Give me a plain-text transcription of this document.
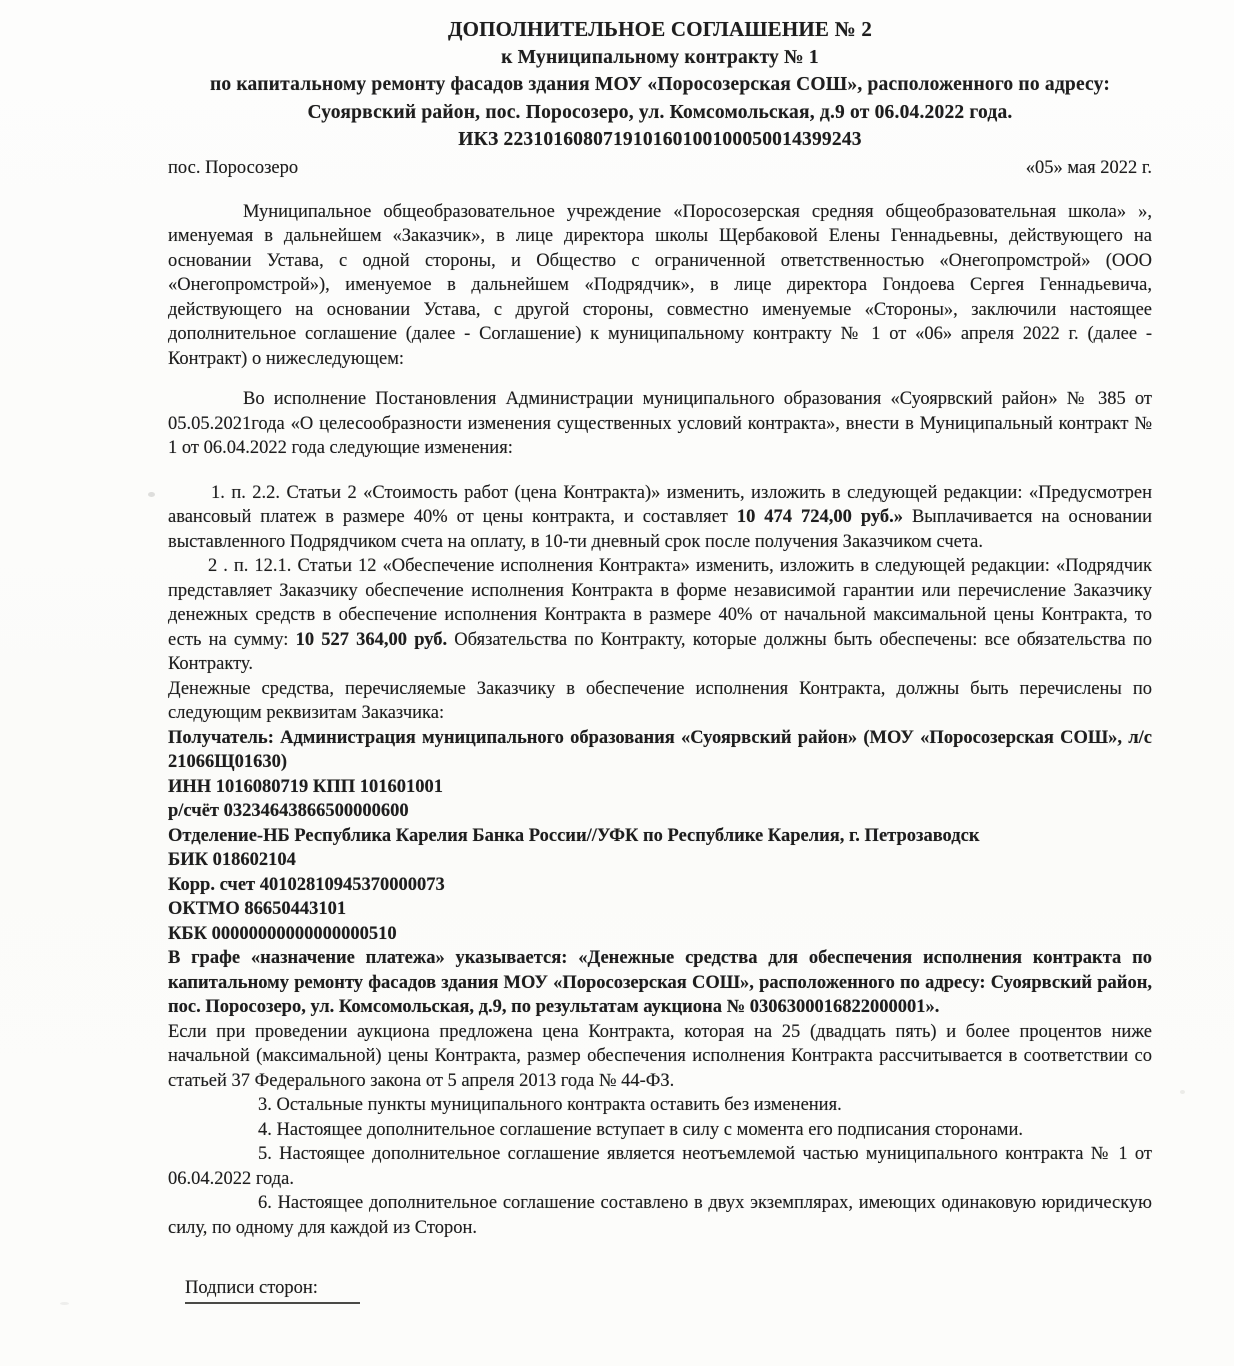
ДОПОЛНИТЕЛЬНОЕ СОГЛАШЕНИЕ № 2
к Муниципальному контракту № 1
по капитальному ремонту фасадов здания МОУ «Поросозерская СОШ», расположенного по адресу:
Суоярвский район, пос. Поросозеро, ул. Комсомольская, д.9 от 06.04.2022 года.
ИКЗ 223101608071910160100100050014399243
пос. Поросозеро	«05» мая 2022 г.

Муниципальное общеобразовательное учреждение «Поросозерская средняя общеобразовательная школа» », именуемая в дальнейшем «Заказчик», в лице директора школы Щербаковой Елены Геннадьевны, действующего на основании Устава, с одной стороны, и Общество с ограниченной ответственностью «Онегопромстрой» (ООО «Онегопромстрой»), именуемое в дальнейшем «Подрядчик», в лице директора Гондоева Сергея Геннадьевича, действующего на основании Устава, с другой стороны, совместно именуемые «Стороны», заключили настоящее дополнительное соглашение (далее - Соглашение) к муниципальному контракту № 1 от «06» апреля 2022 г. (далее - Контракт) о нижеследующем:

Во исполнение Постановления Администрации муниципального образования «Суоярвский район» № 385 от 05.05.2021года «О целесообразности изменения существенных условий контракта», внести в Муниципальный контракт № 1 от 06.04.2022 года следующие изменения:

1. п. 2.2. Статьи 2 «Стоимость работ (цена Контракта)» изменить, изложить в следующей редакции: «Предусмотрен авансовый платеж в размере 40% от цены контракта, и составляет 10 474 724,00 руб.» Выплачивается на основании выставленного Подрядчиком счета на оплату, в 10-ти дневный срок после получения Заказчиком счета.

2 . п. 12.1. Статьи 12 «Обеспечение исполнения Контракта» изменить, изложить в следующей редакции: «Подрядчик представляет Заказчику обеспечение исполнения Контракта в форме независимой гарантии или перечисление Заказчику денежных средств в обеспечение исполнения Контракта в размере 40% от начальной максимальной цены Контракта, то есть на сумму: 10 527 364,00 руб. Обязательства по Контракту, которые должны быть обеспечены: все обязательства по Контракту.

Денежные средства, перечисляемые Заказчику в обеспечение исполнения Контракта, должны быть перечислены по следующим реквизитам Заказчика:

Получатель: Администрация муниципального образования «Суоярвский район» (МОУ «Поросозерская СОШ», л/с 21066Щ01630)

ИНН 1016080719 КПП 101601001

р/счёт 03234643866500000600

Отделение-НБ Республика Карелия Банка России//УФК по Республике Карелия, г. Петрозаводск

БИК 018602104

Корр. счет 40102810945370000073

ОКТМО 86650443101

КБК 00000000000000000510

В графе «назначение платежа» указывается: «Денежные средства для обеспечения исполнения контракта по капитальному ремонту фасадов здания МОУ «Поросозерская СОШ», расположенного по адресу: Суоярвский район, пос. Поросозеро, ул. Комсомольская, д.9, по результатам аукциона № 0306300016822000001».

Если при проведении аукциона предложена цена Контракта, которая на 25 (двадцать пять) и более процентов ниже начальной (максимальной) цены Контракта, размер обеспечения исполнения Контракта рассчитывается в соответствии со статьей 37 Федерального закона от 5 апреля 2013 года № 44-ФЗ.

3. Остальные пункты муниципального контракта оставить без изменения.

4. Настоящее дополнительное соглашение вступает в силу с момента его подписания сторонами.

5. Настоящее дополнительное соглашение является неотъемлемой частью муниципального контракта № 1 от 06.04.2022 года.

6. Настоящее дополнительное соглашение составлено в двух экземплярах, имеющих одинаковую юридическую силу, по одному для каждой из Сторон.

Подписи сторон:
